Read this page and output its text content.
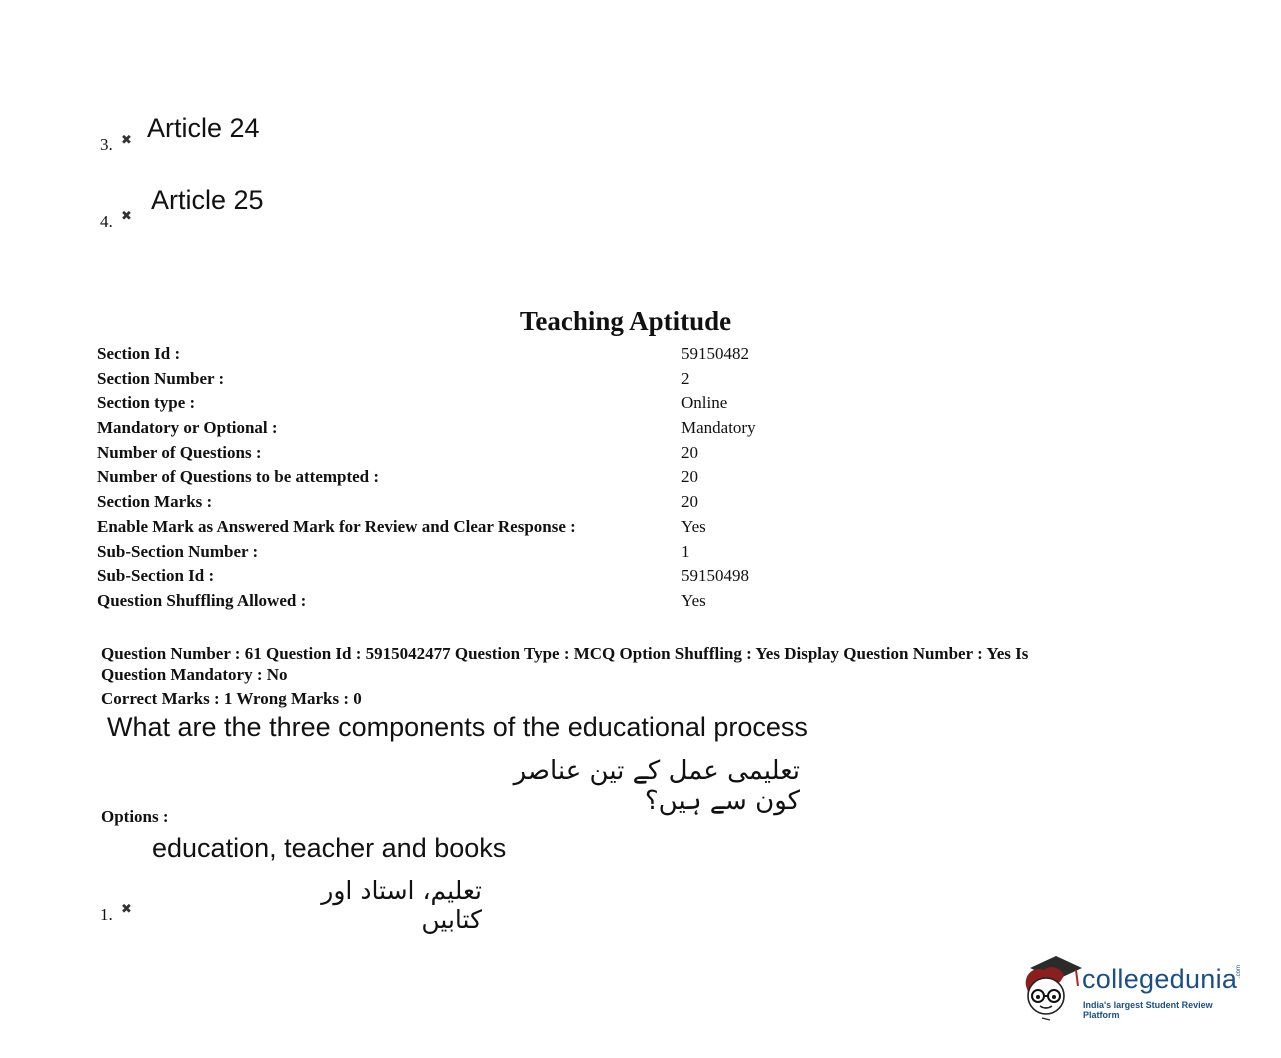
3. ✖ Article 24
4. ✖
Article 25
Teaching Aptitude
Section Id :	59150482
Section Number :	2
Section type :	Online
Mandatory or Optional :	Mandatory
Number of Questions :	20
Number of Questions to be attempted :	20
Section Marks :	20
Enable Mark as Answered Mark for Review and Clear Response :	Yes
Sub-Section Number :	1
Sub-Section Id :	59150498
Question Shuffling Allowed :	Yes
Question Number : 61 Question Id : 5915042477 Question Type : MCQ Option Shuffling : Yes Display Question Number : Yes Is
Question Mandatory : No
Correct Marks : 1 Wrong Marks : 0
What are the three components of the educational process
تعلیمی عمل کے تین عناصر کون سے ہیں؟
Options :
education, teacher and books
تعلیم، استاد اور کتابیں
1. ✖
collegedunia
.com
India's largest Student Review Platform
